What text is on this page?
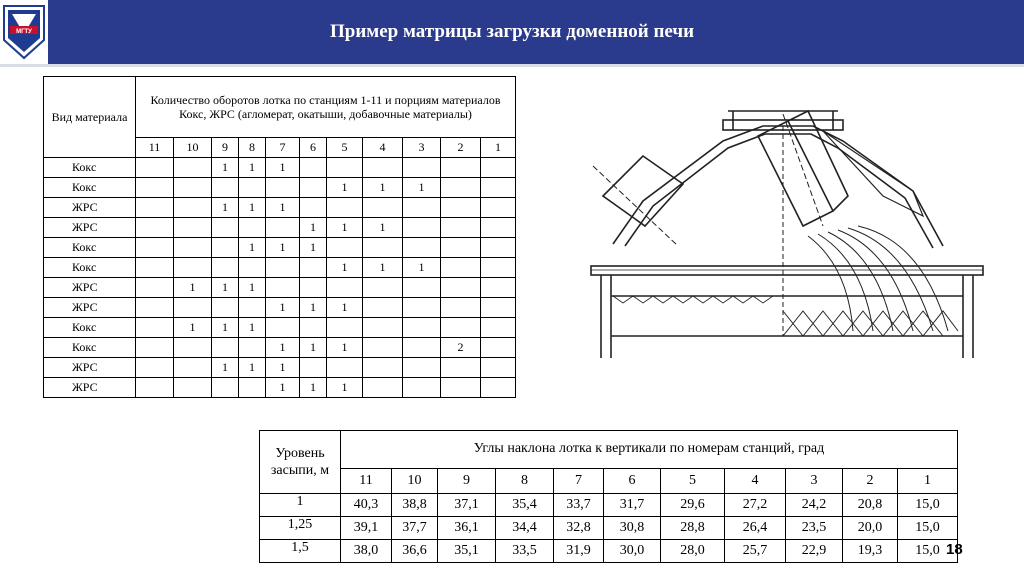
МГТУ	Пример матрицы загрузки доменной печи
Вид материала	Количество оборотов лотка по станциям 1-11 и порциям материалов Кокс, ЖРС (агломерат, окатыши, добавочные материалы)										
	11	10	9	8	7	6	5	4	3	2	1
Кокс			1	1	1						
Кокс							1	1	1		
ЖРС			1	1	1						
ЖРС						1	1	1			
Кокс				1	1	1					
Кокс							1	1	1		
ЖРС		1	1	1							
ЖРС					1	1	1				
Кокс		1	1	1							
Кокс					1	1	1			2	
ЖРС			1	1	1						
ЖРС					1	1	1				
Уровень засыпи, м	Углы наклона лотка к вертикали по номерам станций, град										
	11	10	9	8	7	6	5	4	3	2	1
1	40,3	38,8	37,1	35,4	33,7	31,7	29,6	27,2	24,2	20,8	15,0
1,25	39,1	37,7	36,1	34,4	32,8	30,8	28,8	26,4	23,5	20,0	15,0
1,5	38,0	36,6	35,1	33,5	31,9	30,0	28,0	25,7	22,9	19,3	15,0 18
